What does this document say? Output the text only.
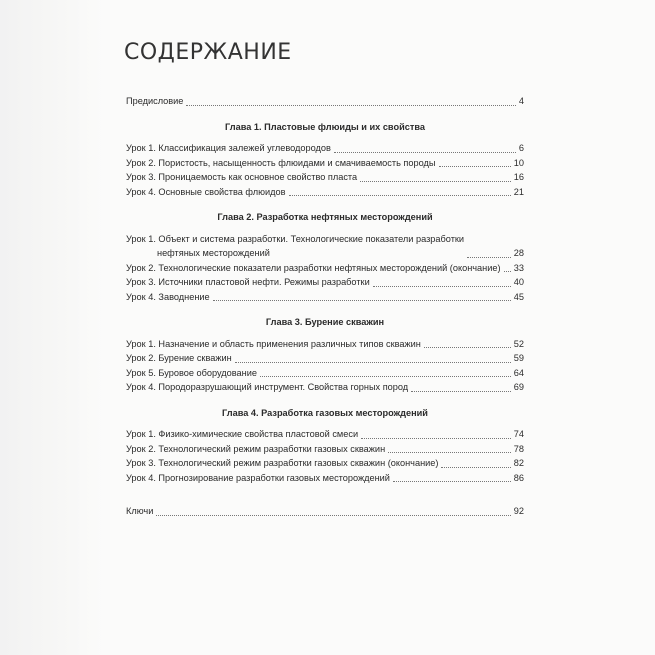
СОДЕРЖАНИЕ
Предисловие	4
Глава 1. Пластовые флюиды и их свойства
Урок 1. Классификация залежей углеводородов	6
Урок 2. Пористость, насыщенность флюидами и смачиваемость породы	10
Урок 3. Проницаемость как основное свойство пласта	16
Урок 4. Основные свойства флюидов	21
Глава 2. Разработка нефтяных месторождений
Урок 1. Объект и система разработки. Технологические показатели разработки
нефтяных месторождений	28
Урок 2. Технологические показатели разработки нефтяных месторождений (окончание) 33
Урок 3. Источники пластовой нефти. Режимы разработки	40
Урок 4. Заводнение	45
Глава 3. Бурение скважин
Урок 1. Назначение и область применения различных типов скважин	52
Урок 2. Бурение скважин	59
Урок 5. Буровое оборудование	64
Урок 4. Породоразрушающий инструмент. Свойства горных пород	69
Глава 4. Разработка газовых месторождений
Урок 1. Физико-химические свойства пластовой смеси	74
Урок 2. Технологический режим разработки газовых скважин	78
Урок 3. Технологический режим разработки газовых скважин (окончание)	82
Урок 4. Прогнозирование разработки газовых месторождений	86
Ключи	92
